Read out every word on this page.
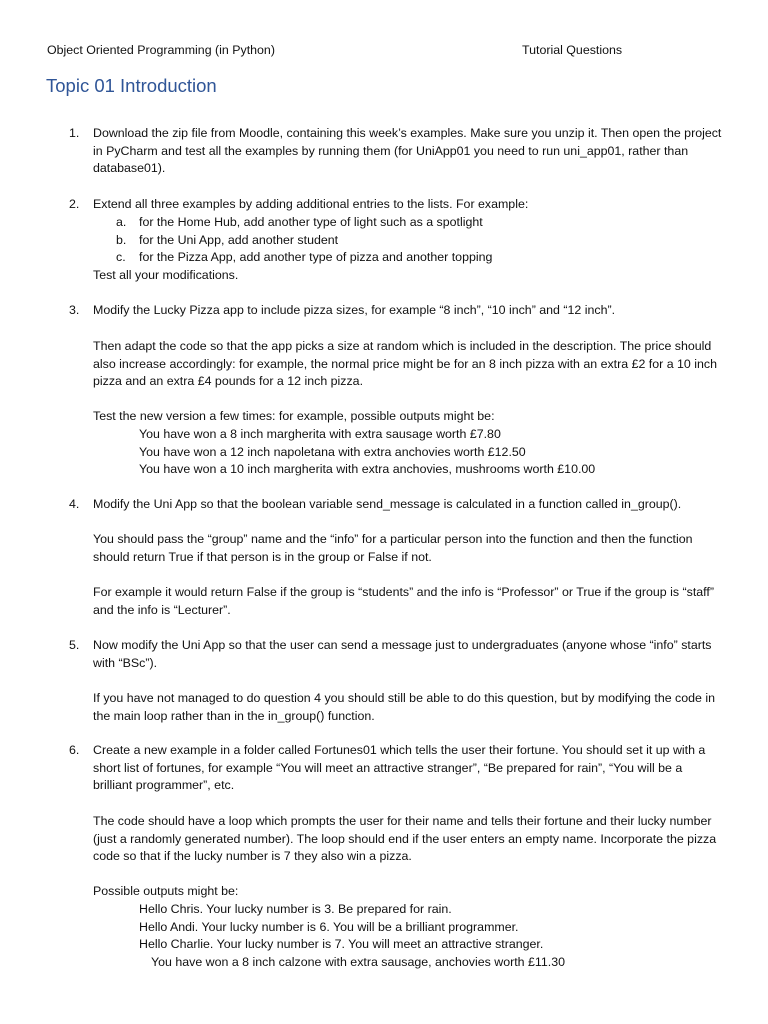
Object Oriented Programming (in Python)	Tutorial Questions
Topic 01 Introduction
1. Download the zip file from Moodle, containing this week’s examples. Make sure you unzip it. Then open the project in PyCharm and test all the examples by running them (for UniApp01 you need to run uni_app01, rather than database01).
2. Extend all three examples by adding additional entries to the lists. For example:
a. for the Home Hub, add another type of light such as a spotlight
b. for the Uni App, add another student
c. for the Pizza App, add another type of pizza and another topping
Test all your modifications.
3. Modify the Lucky Pizza app to include pizza sizes, for example “8 inch”, “10 inch” and “12 inch”.
Then adapt the code so that the app picks a size at random which is included in the description. The price should also increase accordingly: for example, the normal price might be for an 8 inch pizza with an extra £2 for a 10 inch pizza and an extra £4 pounds for a 12 inch pizza.
Test the new version a few times: for example, possible outputs might be:
You have won a 8 inch margherita with extra sausage worth £7.80
You have won a 12 inch napoletana with extra anchovies worth £12.50
You have won a 10 inch margherita with extra anchovies, mushrooms worth £10.00
4. Modify the Uni App so that the boolean variable send_message is calculated in a function called in_group().
You should pass the “group” name and the “info” for a particular person into the function and then the function should return True if that person is in the group or False if not.
For example it would return False if the group is “students” and the info is “Professor” or True if the group is “staff” and the info is “Lecturer”.
5. Now modify the Uni App so that the user can send a message just to undergraduates (anyone whose “info” starts with “BSc”).
If you have not managed to do question 4 you should still be able to do this question, but by modifying the code in the main loop rather than in the in_group() function.
6. Create a new example in a folder called Fortunes01 which tells the user their fortune. You should set it up with a short list of fortunes, for example “You will meet an attractive stranger”, “Be prepared for rain”, “You will be a brilliant programmer”, etc.
The code should have a loop which prompts the user for their name and tells their fortune and their lucky number (just a randomly generated number). The loop should end if the user enters an empty name. Incorporate the pizza code so that if the lucky number is 7 they also win a pizza.
Possible outputs might be:
Hello Chris. Your lucky number is 3. Be prepared for rain.
Hello Andi. Your lucky number is 6. You will be a brilliant programmer.
Hello Charlie. Your lucky number is 7. You will meet an attractive stranger.
You have won a 8 inch calzone with extra sausage, anchovies worth £11.30
